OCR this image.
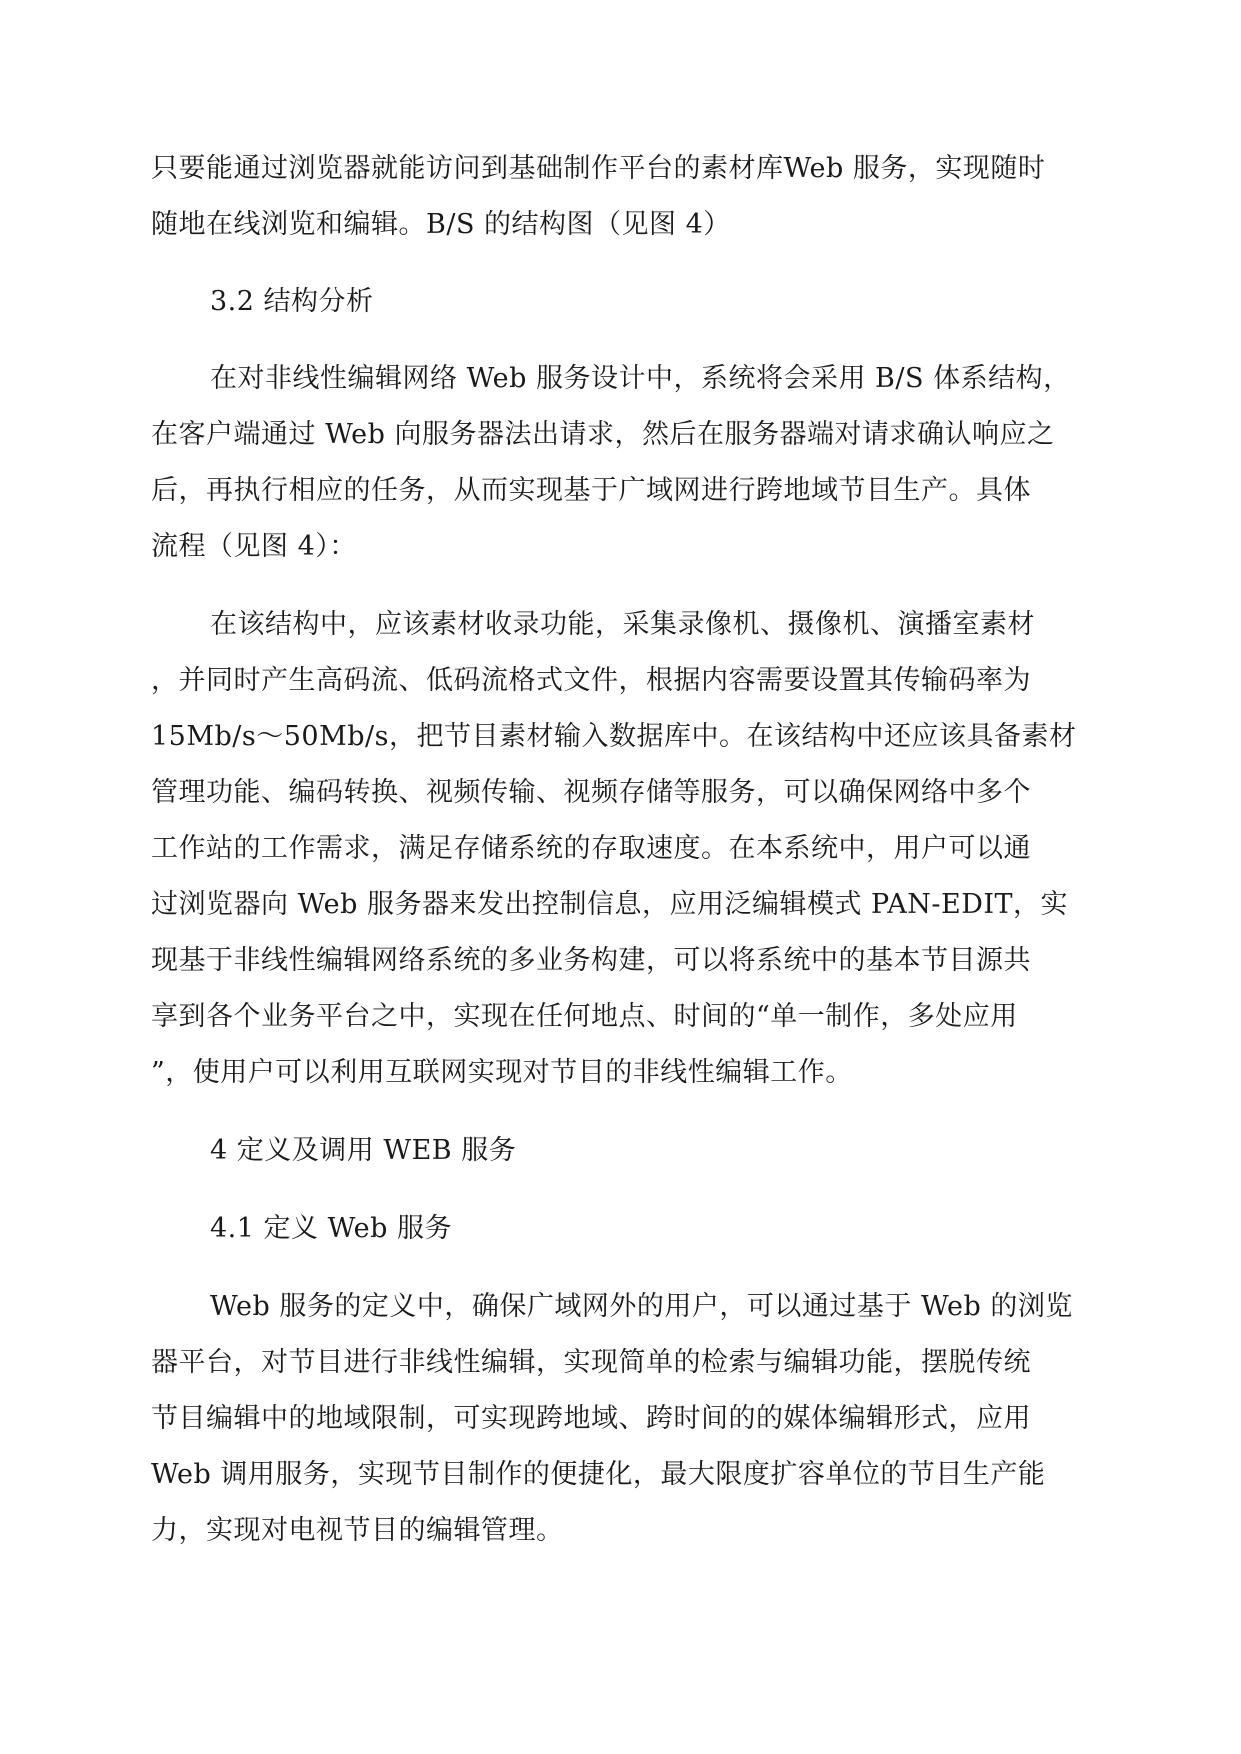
只要能通过浏览器就能访问到基础制作平台的素材库Web 服务，实现随时
随地在线浏览和编辑。B/S 的结构图（见图 4）
3.2 结构分析
在对非线性编辑网络 Web 服务设计中，系统将会采用 B/S 体系结构，
在客户端通过 Web 向服务器法出请求，然后在服务器端对请求确认响应之
后，再执行相应的任务，从而实现基于广域网进行跨地域节目生产。具体
流程（见图 4）：
在该结构中，应该素材收录功能，采集录像机、摄像机、演播室素材
，并同时产生高码流、低码流格式文件，根据内容需要设置其传输码率为
15Mb/s～50Mb/s，把节目素材输入数据库中。在该结构中还应该具备素材
管理功能、编码转换、视频传输、视频存储等服务，可以确保网络中多个
工作站的工作需求，满足存储系统的存取速度。在本系统中，用户可以通
过浏览器向 Web 服务器来发出控制信息，应用泛编辑模式 PAN-EDIT，实
现基于非线性编辑网络系统的多业务构建，可以将系统中的基本节目源共
享到各个业务平台之中，实现在任何地点、时间的“单一制作，多处应用
”，使用户可以利用互联网实现对节目的非线性编辑工作。
4 定义及调用 WEB 服务
4.1 定义 Web 服务
Web 服务的定义中，确保广域网外的用户，可以通过基于 Web 的浏览
器平台，对节目进行非线性编辑，实现简单的检索与编辑功能，摆脱传统
节目编辑中的地域限制，可实现跨地域、跨时间的的媒体编辑形式，应用
Web 调用服务，实现节目制作的便捷化，最大限度扩容单位的节目生产能
力，实现对电视节目的编辑管理。
